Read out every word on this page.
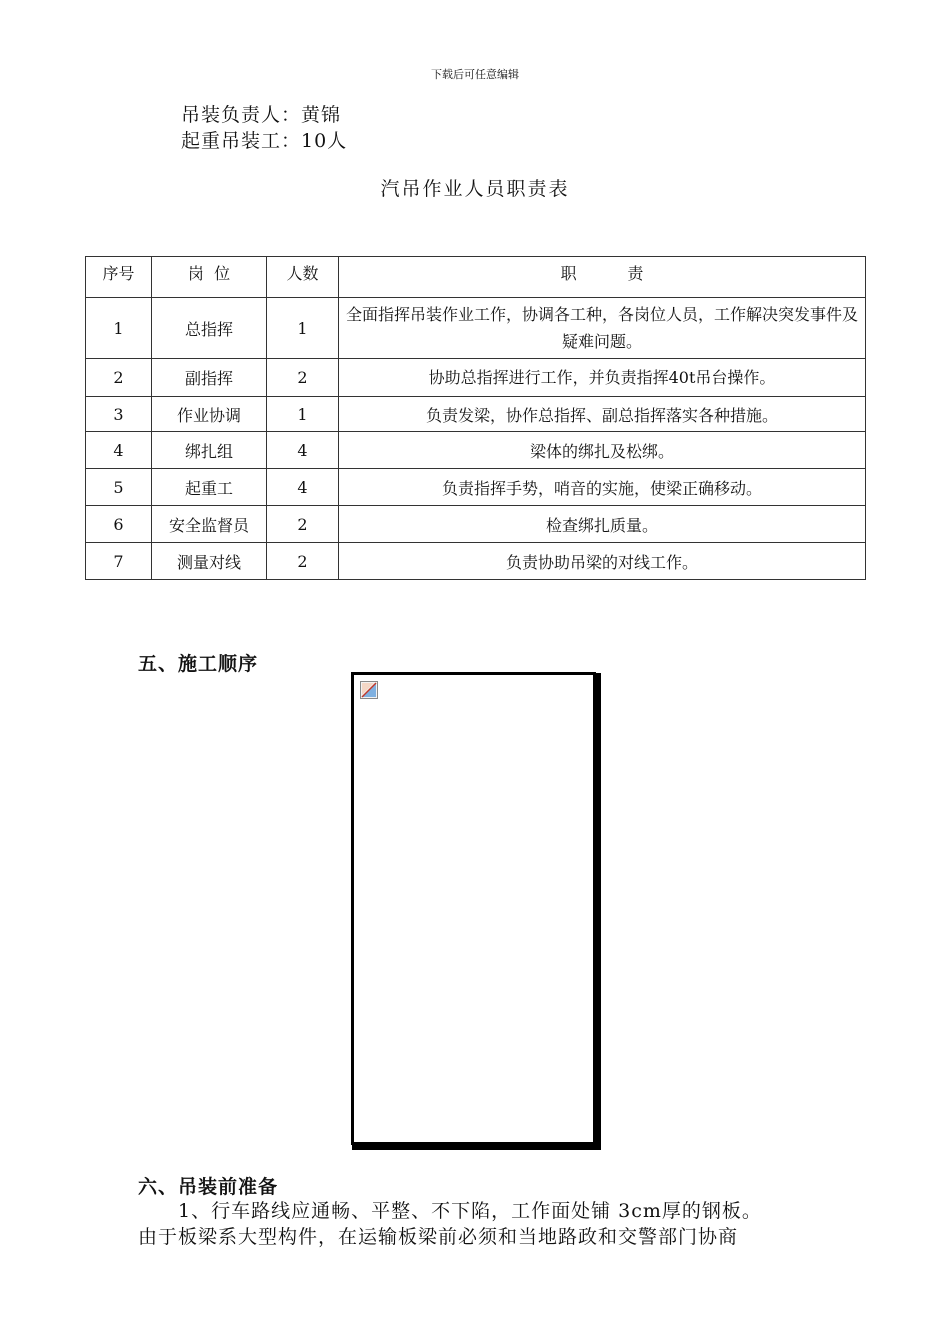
下载后可任意编辑
吊装负责人：黄锦
起重吊装工：10人
汽吊作业人员职责表
序号	岗  位	人数	职          责
1	总指挥	1	全面指挥吊装作业工作，协调各工种，各岗位人员，工作解决突发事件及疑难问题。
2	副指挥	2	协助总指挥进行工作，并负责指挥40t吊台操作。
3	作业协调	1	负责发梁，协作总指挥、副总指挥落实各种措施。
4	绑扎组	4	梁体的绑扎及松绑。
5	起重工	4	负责指挥手势，哨音的实施，使梁正确移动。
6	安全监督员	2	检查绑扎质量。
7	测量对线	2	负责协助吊梁的对线工作。
五、施工顺序
六、吊装前准备
　　1、行车路线应通畅、平整、不下陷，工作面处铺 3cm厚的钢板。
由于板梁系大型构件，在运输板梁前必须和当地路政和交警部门协商
